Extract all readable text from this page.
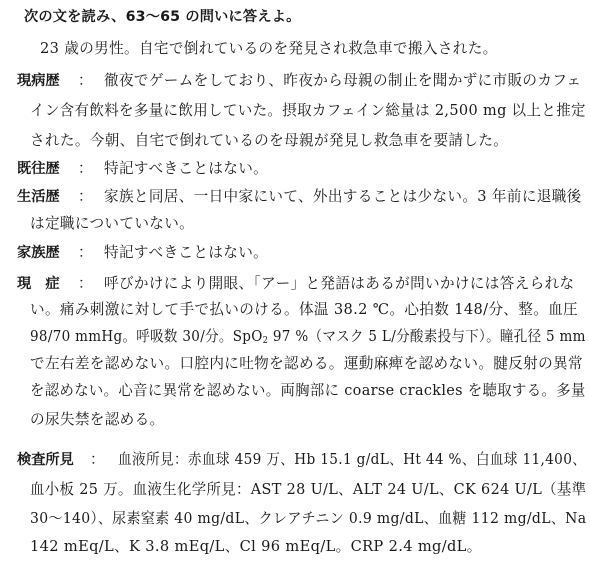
次の文を読み、63〜65 の問いに答えよ。
23 歳の男性。自宅で倒れているのを発見され救急車で搬入された。
現病歴 ： 徹夜でゲームをしており、昨夜から母親の制止を聞かずに市販のカフェ
イン含有飲料を多量に飲用していた。摂取カフェイン総量は 2,500 mg 以上と推定
された。今朝、自宅で倒れているのを母親が発見し救急車を要請した。
既往歴 ： 特記すべきことはない。
生活歴 ： 家族と同居、一日中家にいて、外出することは少ない。3 年前に退職後
は定職についていない。
家族歴 ： 特記すべきことはない。
現　症 ： 呼びかけにより開眼、「アー」と発語はあるが問いかけには答えられな
い。痛み刺激に対して手で払いのける。体温 38.2 ℃。心拍数 148/分、整。血圧
98/70 mmHg。呼吸数 30/分。SpO$_2$ 97 %（マスク 5 L/分酸素投与下）。瞳孔径 5 mm
で左右差を認めない。口腔内に吐物を認める。運動麻痺を認めない。腱反射の異常
を認めない。心音に異常を認めない。両胸部に coarse crackles を聴取する。多量
の尿失禁を認める。
検査所見 ： 血液所見：赤血球 459 万、Hb 15.1 g/dL、Ht 44 %、白血球 11,400、
血小板 25 万。血液生化学所見：AST 28 U/L、ALT 24 U/L、CK 624 U/L（基準
30〜140）、尿素窒素 40 mg/dL、クレアチニン 0.9 mg/dL、血糖 112 mg/dL、Na
142 mEq/L、K 3.8 mEq/L、Cl 96 mEq/L。CRP 2.4 mg/dL。
